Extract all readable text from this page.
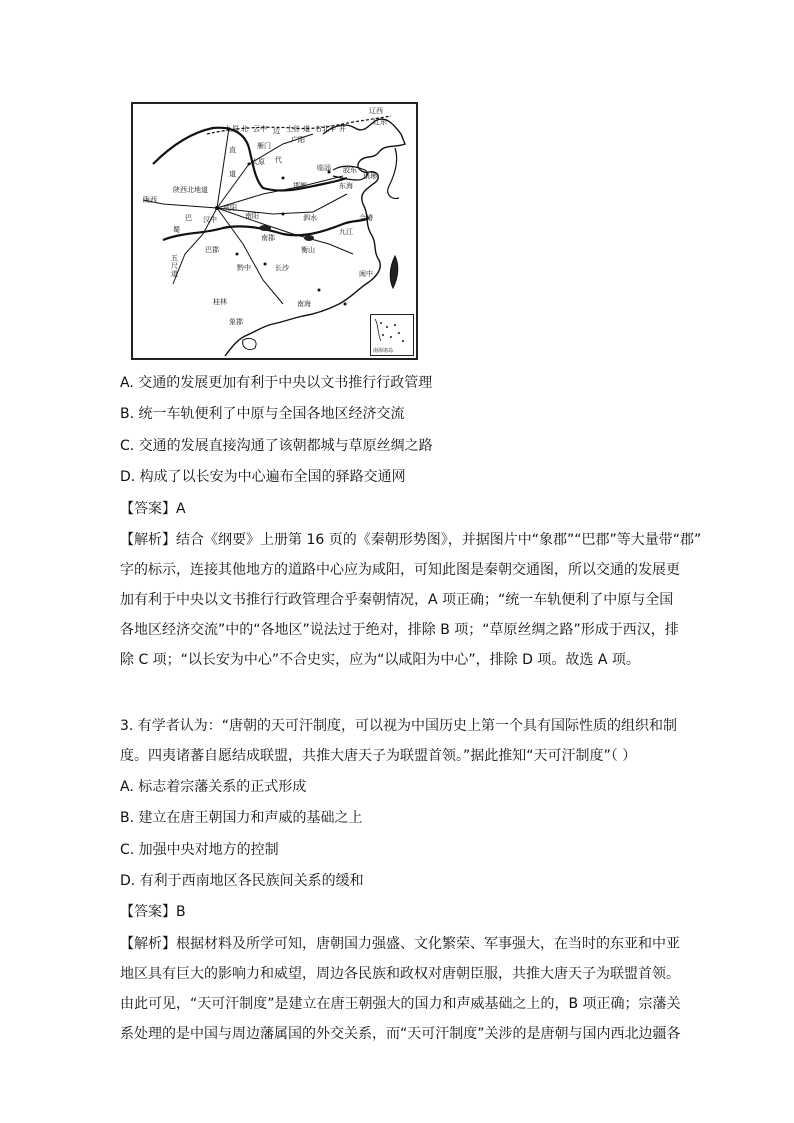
九原 北 云中 边 上谷 道 右北平
辽西
辽东
并
直
道
雁门
广阳
太原 代
临淄 胶东
琅琊
陕西北地道
陇西
咸阳
汉中	南阳
邯郸	东海
泗水
巴
蜀	九江
会稽
南郡
衡山
巴郡
黔中	长沙
闽中
五尺道
桂林	南海
象郡
南海诸岛
A. 交通的发展更加有利于中央以文书推行行政管理
B. 统一车轨便利了中原与全国各地区经济交流
C. 交通的发展直接沟通了该朝都城与草原丝绸之路
D. 构成了以长安为中心遍布全国的驿路交通网
【答案】A
【解析】结合《纲要》上册第 16 页的《秦朝形势图》，并据图片中“象郡”“巴郡”等大量带“郡”
字的标示，连接其他地方的道路中心应为咸阳，可知此图是秦朝交通图，所以交通的发展更
加有利于中央以文书推行行政管理合乎秦朝情况，A 项正确；“统一车轨便利了中原与全国
各地区经济交流”中的“各地区”说法过于绝对，排除 B 项；“草原丝绸之路”形成于西汉，排
除 C 项；“以长安为中心”不合史实，应为“以咸阳为中心”，排除 D 项。故选 A 项。
3. 有学者认为：“唐朝的天可汗制度，可以视为中国历史上第一个具有国际性质的组织和制
度。四夷诸蕃自愿结成联盟，共推大唐天子为联盟首领。”据此推知“天可汗制度”（ ）
A. 标志着宗藩关系的正式形成
B. 建立在唐王朝国力和声威的基础之上
C. 加强中央对地方的控制
D. 有利于西南地区各民族间关系的缓和
【答案】B
【解析】根据材料及所学可知，唐朝国力强盛、文化繁荣、军事强大，在当时的东亚和中亚
地区具有巨大的影响力和威望，周边各民族和政权对唐朝臣服，共推大唐天子为联盟首领。
由此可见，“天可汗制度”是建立在唐王朝强大的国力和声威基础之上的，B 项正确；宗藩关
系处理的是中国与周边藩属国的外交关系，而“天可汗制度”关涉的是唐朝与国内西北边疆各
